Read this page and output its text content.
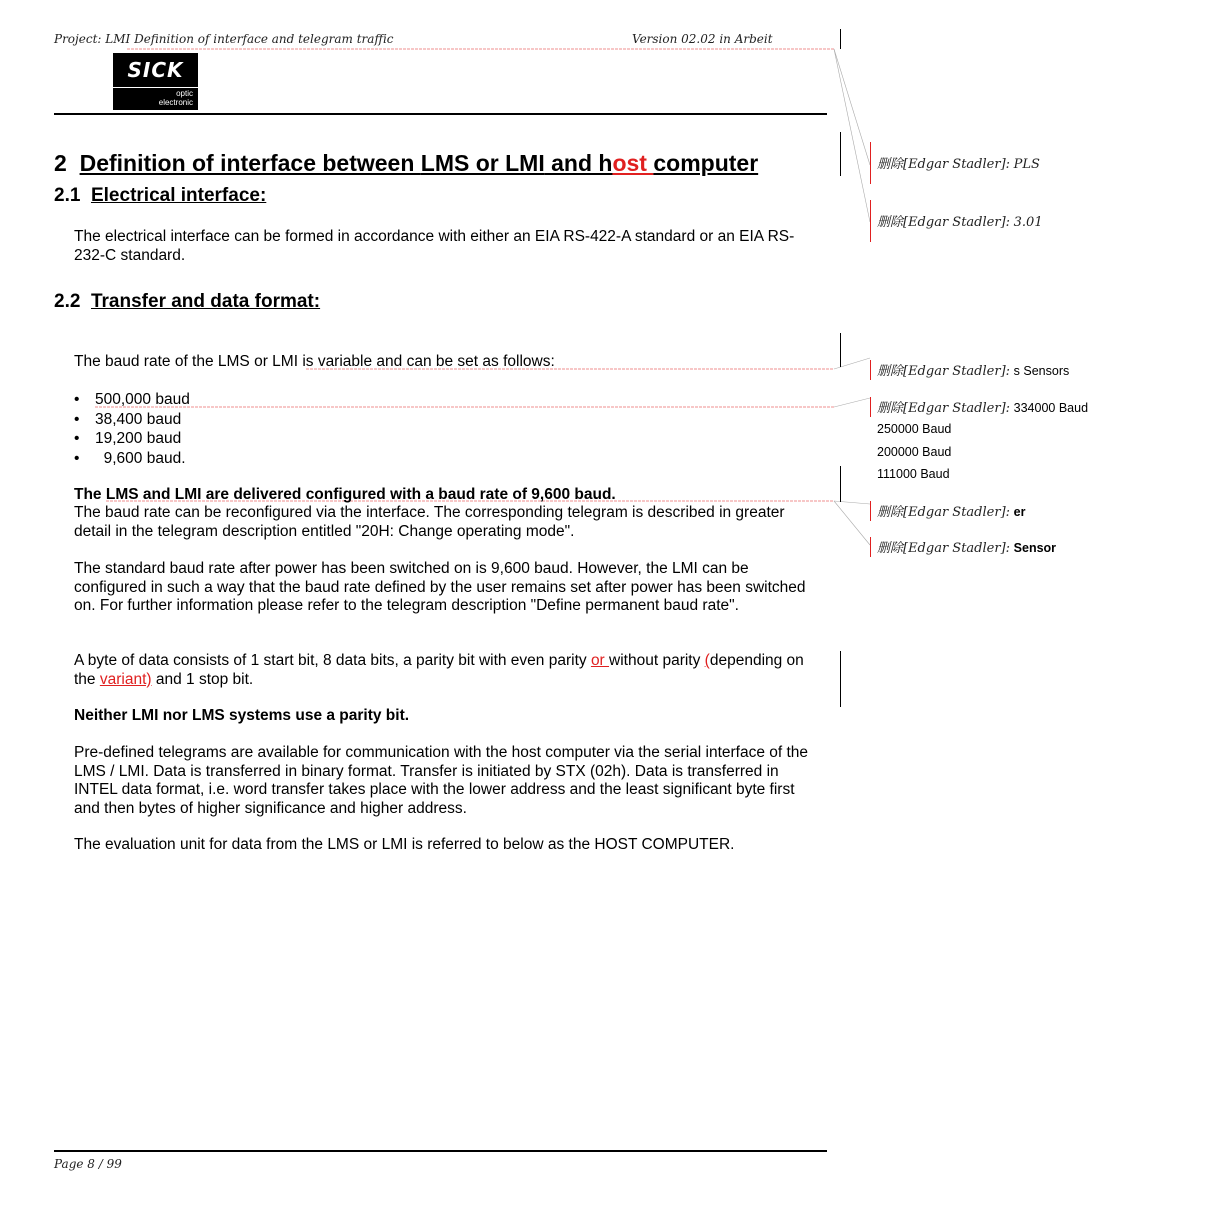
Project: LMI Definition of interface and telegram traffic	Version 02.02 in Arbeit
SICK
optic
electronic
2 Definition of interface between LMS or LMI and host computer
2.1 Electrical interface:

The electrical interface can be formed in accordance with either an EIA RS-422-A standard or an EIA RS-232-C standard.

2.2 Transfer and data format:

The baud rate of the LMS or LMI is variable and can be set as follows:

• 500,000 baud
• 38,400 baud
• 19,200 baud
•  9,600 baud.

The LMS and LMI are delivered configured with a baud rate of 9,600 baud.

The baud rate can be reconfigured via the interface. The corresponding telegram is described in greater detail in the telegram description entitled "20H: Change operating mode".

The standard baud rate after power has been switched on is 9,600 baud. However, the LMI can be configured in such a way that the baud rate defined by the user remains set after power has been switched on. For further information please refer to the telegram description "Define permanent baud rate".

A byte of data consists of 1 start bit, 8 data bits, a parity bit with even parity or without parity (depending on the variant) and 1 stop bit.

Neither LMI nor LMS systems use a parity bit.

Pre-defined telegrams are available for communication with the host computer via the serial interface of the LMS / LMI. Data is transferred in binary format. Transfer is initiated by STX (02h). Data is transferred in INTEL data format, i.e. word transfer takes place with the lower address and the least significant byte first and then bytes of higher significance and higher address.

The evaluation unit for data from the LMS or LMI is referred to below as the HOST COMPUTER.

删除[Edgar Stadler]: PLS
删除[Edgar Stadler]: 3.01
删除[Edgar Stadler]: s Sensors
删除[Edgar Stadler]: 334000 Baud
250000 Baud
200000 Baud
111000 Baud
删除[Edgar Stadler]: er
删除[Edgar Stadler]: Sensor
Page 8 / 99
